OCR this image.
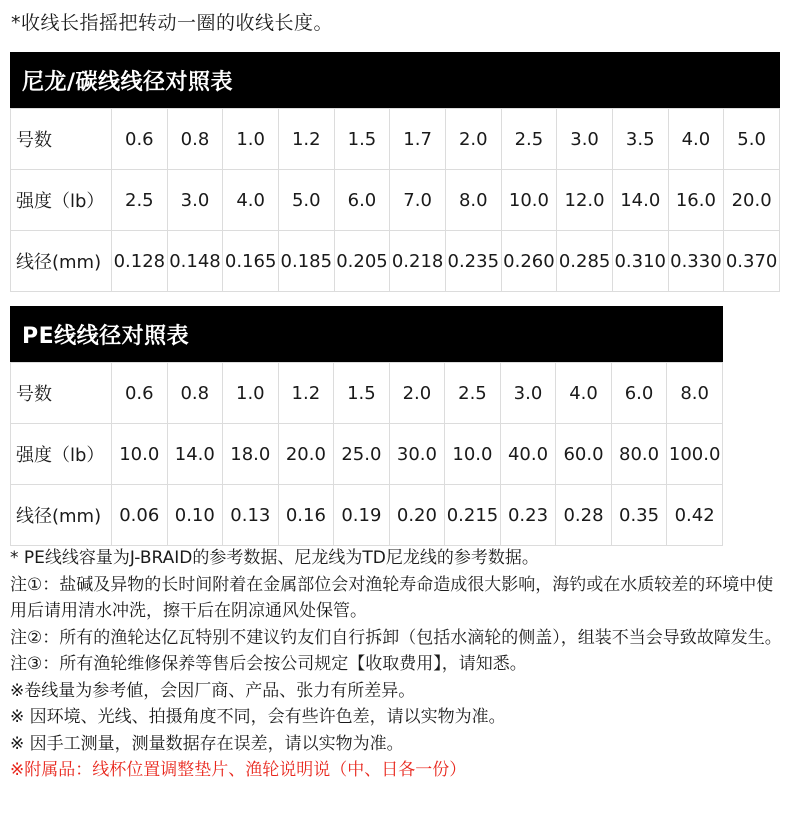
*收线长指摇把转动一圈的收线长度。
尼龙/碳线线径对照表
号数	0.6	0.8	1.0	1.2	1.5	1.7	2.0	2.5	3.0	3.5	4.0	5.0
强度（lb）	2.5	3.0	4.0	5.0	6.0	7.0	8.0	10.0	12.0	14.0	16.0	20.0
线径(mm)	0.128	0.148	0.165	0.185	0.205	0.218	0.235	0.260	0.285	0.310	0.330	0.370
PE线线径对照表
号数	0.6	0.8	1.0	1.2	1.5	2.0	2.5	3.0	4.0	6.0	8.0
强度（lb）	10.0	14.0	18.0	20.0	25.0	30.0	10.0	40.0	60.0	80.0	100.0
线径(mm)	0.06	0.10	0.13	0.16	0.19	0.20	0.215	0.23	0.28	0.35	0.42

* PE线线容量为J-BRAID的参考数据、尼龙线为TD尼龙线的参考数据。

注①：盐碱及异物的长时间附着在金属部位会对渔轮寿命造成很大影响，海钓或在水质较差的环境中使用后请用清水冲洗，擦干后在阴凉通风处保管。

注②：所有的渔轮达亿瓦特别不建议钓友们自行拆卸（包括水滴轮的侧盖），组装不当会导致故障发生。

注③：所有渔轮维修保养等售后会按公司规定【收取费用】，请知悉。

※卷线量为参考値，会因厂商、产品、张力有所差异。

※ 因环境、光线、拍摄角度不同，会有些许色差，请以实物为准。

※ 因手工测量，测量数据存在误差，请以实物为准。

※附属品：线杯位置调整垫片、渔轮说明说（中、日各一份）
